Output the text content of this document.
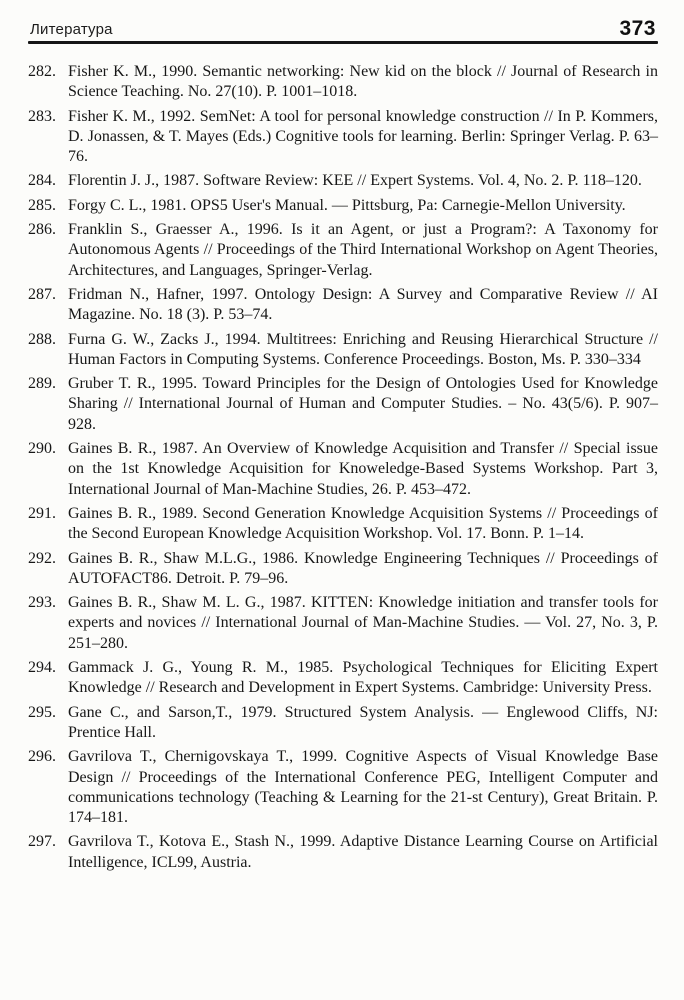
Литература	373
282. Fisher K. M., 1990. Semantic networking: New kid on the block // Journal of Research in Science Teaching. No. 27(10). P. 1001–1018.
283. Fisher K. M., 1992. SemNet: A tool for personal knowledge construction // In P. Kommers, D. Jonassen, & T. Mayes (Eds.) Cognitive tools for learning. Berlin: Springer Verlag. P. 63–76.
284. Florentin J. J., 1987. Software Review: KEE // Expert Systems. Vol. 4, No. 2. P. 118–120.
285. Forgy C. L., 1981. OPS5 User's Manual. — Pittsburg, Pa: Carnegie-Mellon University.
286. Franklin S., Graesser A., 1996. Is it an Agent, or just a Program?: A Taxonomy for Autonomous Agents // Proceedings of the Third International Workshop on Agent Theories, Architectures, and Languages, Springer-Verlag.
287. Fridman N., Hafner, 1997. Ontology Design: A Survey and Comparative Review // AI Magazine. No. 18 (3). P. 53–74.
288. Furna G. W., Zacks J., 1994. Multitrees: Enriching and Reusing Hierarchical Structure // Human Factors in Computing Systems. Conference Proceedings. Boston, Ms. P. 330–334
289. Gruber T. R., 1995. Toward Principles for the Design of Ontologies Used for Knowledge Sharing // International Journal of Human and Computer Studies. – No. 43(5/6). P. 907–928.
290. Gaines B. R., 1987. An Overview of Knowledge Acquisition and Transfer // Special issue on the 1st Knowledge Acquisition for Knoweledge-Based Systems Workshop. Part 3, International Journal of Man-Machine Studies, 26. P. 453–472.
291. Gaines B. R., 1989. Second Generation Knowledge Acquisition Systems // Proceedings of the Second European Knowledge Acquisition Workshop. Vol. 17. Bonn. P. 1–14.
292. Gaines B. R., Shaw M.L.G., 1986. Knowledge Engineering Techniques // Proceedings of AUTOFACT86. Detroit. P. 79–96.
293. Gaines B. R., Shaw M. L. G., 1987. KITTEN: Knowledge initiation and transfer tools for experts and novices // International Journal of Man-Machine Studies. — Vol. 27, No. 3, P. 251–280.
294. Gammack J. G., Young R. M., 1985. Psychological Techniques for Eliciting Expert Knowledge // Research and Development in Expert Systems. Cambridge: University Press.
295. Gane C., and Sarson,T., 1979. Structured System Analysis. — Englewood Cliffs, NJ: Prentice Hall.
296. Gavrilova T., Chernigovskaya T., 1999. Cognitive Aspects of Visual Knowledge Base Design // Proceedings of the International Conference PEG, Intelligent Computer and communications technology (Teaching & Learning for the 21-st Century), Great Britain. P. 174–181.
297. Gavrilova T., Kotova E., Stash N., 1999. Adaptive Distance Learning Course on Artificial Intelligence, ICL99, Austria.
